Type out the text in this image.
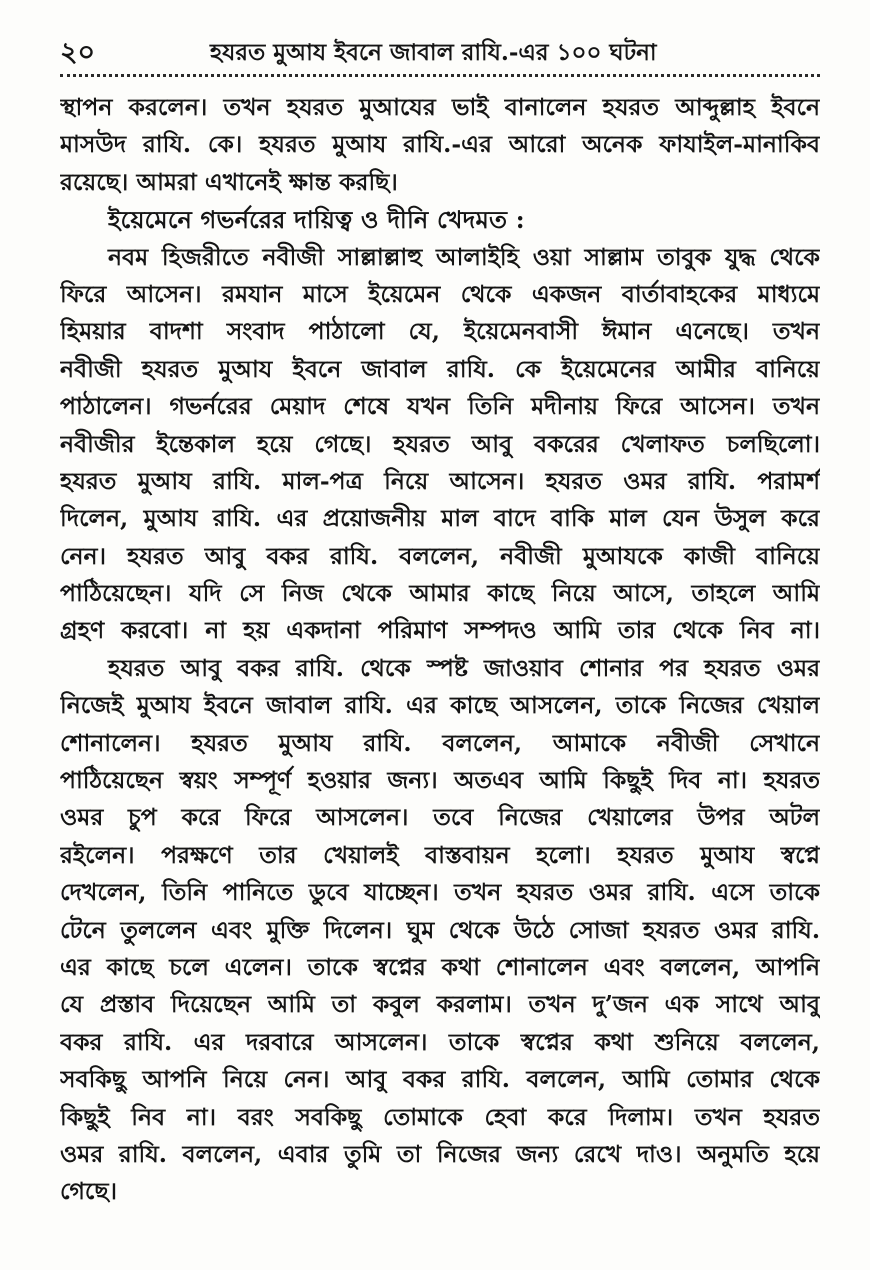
২০	হযরত মুআয ইবনে জাবাল রাযি.-এর ১০০ ঘটনা
স্থাপন করলেন। তখন হযরত মুআযের ভাই বানালেন হযরত আব্দুল্লাহ ইবনে
মাসউদ রাযি. কে। হযরত মুআয রাযি.-এর আরো অনেক ফাযাইল-মানাকিব
রয়েছে। আমরা এখানেই ক্ষান্ত করছি।
ইয়েমেনে গভর্নরের দায়িত্ব ও দীনি খেদমত :
নবম হিজরীতে নবীজী সাল্লাল্লাহু আলাইহি ওয়া সাল্লাম তাবুক যুদ্ধ থেকে
ফিরে আসেন। রমযান মাসে ইয়েমেন থেকে একজন বার্তাবাহকের মাধ্যমে
হিময়ার বাদশা সংবাদ পাঠালো যে, ইয়েমেনবাসী ঈমান এনেছে। তখন
নবীজী হযরত মুআয ইবনে জাবাল রাযি. কে ইয়েমেনের আমীর বানিয়ে
পাঠালেন। গভর্নরের মেয়াদ শেষে যখন তিনি মদীনায় ফিরে আসেন। তখন
নবীজীর ইন্তেকাল হয়ে গেছে। হযরত আবু বকরের খেলাফত চলছিলো।
হযরত মুআয রাযি. মাল-পত্র নিয়ে আসেন। হযরত ওমর রাযি. পরামর্শ
দিলেন, মুআয রাযি. এর প্রয়োজনীয় মাল বাদে বাকি মাল যেন উসুল করে
নেন। হযরত আবু বকর রাযি. বললেন, নবীজী মুআযকে কাজী বানিয়ে
পাঠিয়েছেন। যদি সে নিজ থেকে আমার কাছে নিয়ে আসে, তাহলে আমি
গ্রহণ করবো। না হয় একদানা পরিমাণ সম্পদও আমি তার থেকে নিব না।
হযরত আবু বকর রাযি. থেকে স্পষ্ট জাওয়াব শোনার পর হযরত ওমর
নিজেই মুআয ইবনে জাবাল রাযি. এর কাছে আসলেন, তাকে নিজের খেয়াল
শোনালেন। হযরত মুআয রাযি. বললেন, আমাকে নবীজী সেখানে
পাঠিয়েছেন স্বয়ং সম্পূর্ণ হওয়ার জন্য। অতএব আমি কিছুই দিব না। হযরত
ওমর চুপ করে ফিরে আসলেন। তবে নিজের খেয়ালের উপর অটল
রইলেন। পরক্ষণে তার খেয়ালই বাস্তবায়ন হলো। হযরত মুআয স্বপ্নে
দেখলেন, তিনি পানিতে ডুবে যাচ্ছেন। তখন হযরত ওমর রাযি. এসে তাকে
টেনে তুললেন এবং মুক্তি দিলেন। ঘুম থেকে উঠে সোজা হযরত ওমর রাযি.
এর কাছে চলে এলেন। তাকে স্বপ্নের কথা শোনালেন এবং বললেন, আপনি
যে প্রস্তাব দিয়েছেন আমি তা কবুল করলাম। তখন দু’জন এক সাথে আবু
বকর রাযি. এর দরবারে আসলেন। তাকে স্বপ্নের কথা শুনিয়ে বললেন,
সবকিছু আপনি নিয়ে নেন। আবু বকর রাযি. বললেন, আমি তোমার থেকে
কিছুই নিব না। বরং সবকিছু তোমাকে হেবা করে দিলাম। তখন হযরত
ওমর রাযি. বললেন, এবার তুমি তা নিজের জন্য রেখে দাও। অনুমতি হয়ে
গেছে।
